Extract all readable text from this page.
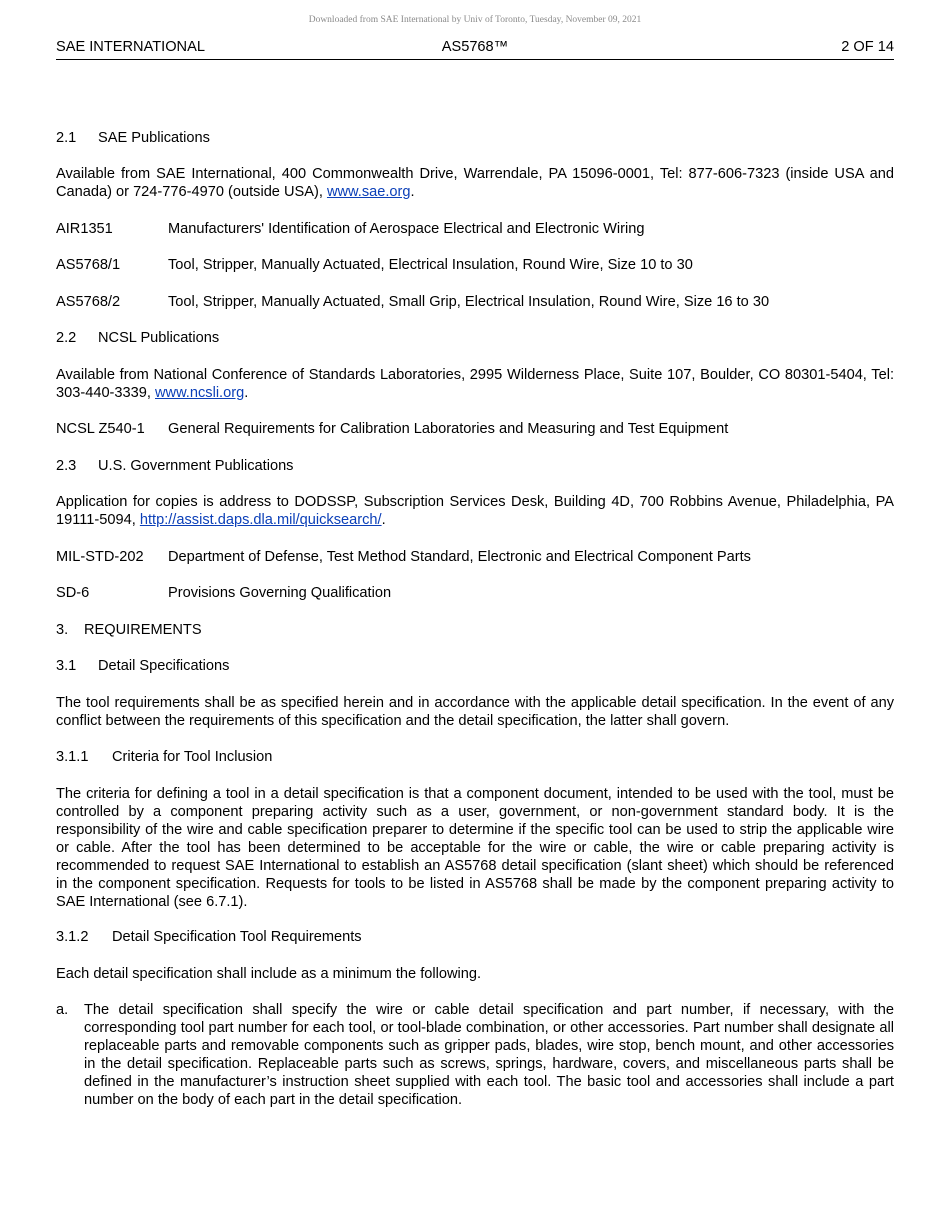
Downloaded from SAE International by Univ of Toronto, Tuesday, November 09, 2021
SAE INTERNATIONAL	AS5768™	2 OF 14
2.1 SAE Publications
Available from SAE International, 400 Commonwealth Drive, Warrendale, PA 15096-0001, Tel: 877-606-7323 (inside USA and Canada) or 724-776-4970 (outside USA), www.sae.org.
AIR1351	Manufacturers' Identification of Aerospace Electrical and Electronic Wiring
AS5768/1	Tool, Stripper, Manually Actuated, Electrical Insulation, Round Wire, Size 10 to 30
AS5768/2	Tool, Stripper, Manually Actuated, Small Grip, Electrical Insulation, Round Wire, Size 16 to 30
2.2 NCSL Publications
Available from National Conference of Standards Laboratories, 2995 Wilderness Place, Suite 107, Boulder, CO 80301-5404, Tel: 303-440-3339, www.ncsli.org.
NCSL Z540-1 General Requirements for Calibration Laboratories and Measuring and Test Equipment
2.3 U.S. Government Publications
Application for copies is address to DODSSP, Subscription Services Desk, Building 4D, 700 Robbins Avenue, Philadelphia, PA 19111-5094, http://assist.daps.dla.mil/quicksearch/.
MIL-STD-202 Department of Defense, Test Method Standard, Electronic and Electrical Component Parts
SD-6	Provisions Governing Qualification
3. REQUIREMENTS
3.1 Detail Specifications
The tool requirements shall be as specified herein and in accordance with the applicable detail specification. In the event of any conflict between the requirements of this specification and the detail specification, the latter shall govern.
3.1.1 Criteria for Tool Inclusion
The criteria for defining a tool in a detail specification is that a component document, intended to be used with the tool, must be controlled by a component preparing activity such as a user, government, or non-government standard body. It is the responsibility of the wire and cable specification preparer to determine if the specific tool can be used to strip the applicable wire or cable. After the tool has been determined to be acceptable for the wire or cable, the wire or cable preparing activity is recommended to request SAE International to establish an AS5768 detail specification (slant sheet) which should be referenced in the component specification. Requests for tools to be listed in AS5768 shall be made by the component preparing activity to SAE International (see 6.7.1).
3.1.2 Detail Specification Tool Requirements
Each detail specification shall include as a minimum the following.
a. The detail specification shall specify the wire or cable detail specification and part number, if necessary, with the corresponding tool part number for each tool, or tool-blade combination, or other accessories. Part number shall designate all replaceable parts and removable components such as gripper pads, blades, wire stop, bench mount, and other accessories in the detail specification. Replaceable parts such as screws, springs, hardware, covers, and miscellaneous parts shall be defined in the manufacturer’s instruction sheet supplied with each tool. The basic tool and accessories shall include a part number on the body of each part in the detail specification.
